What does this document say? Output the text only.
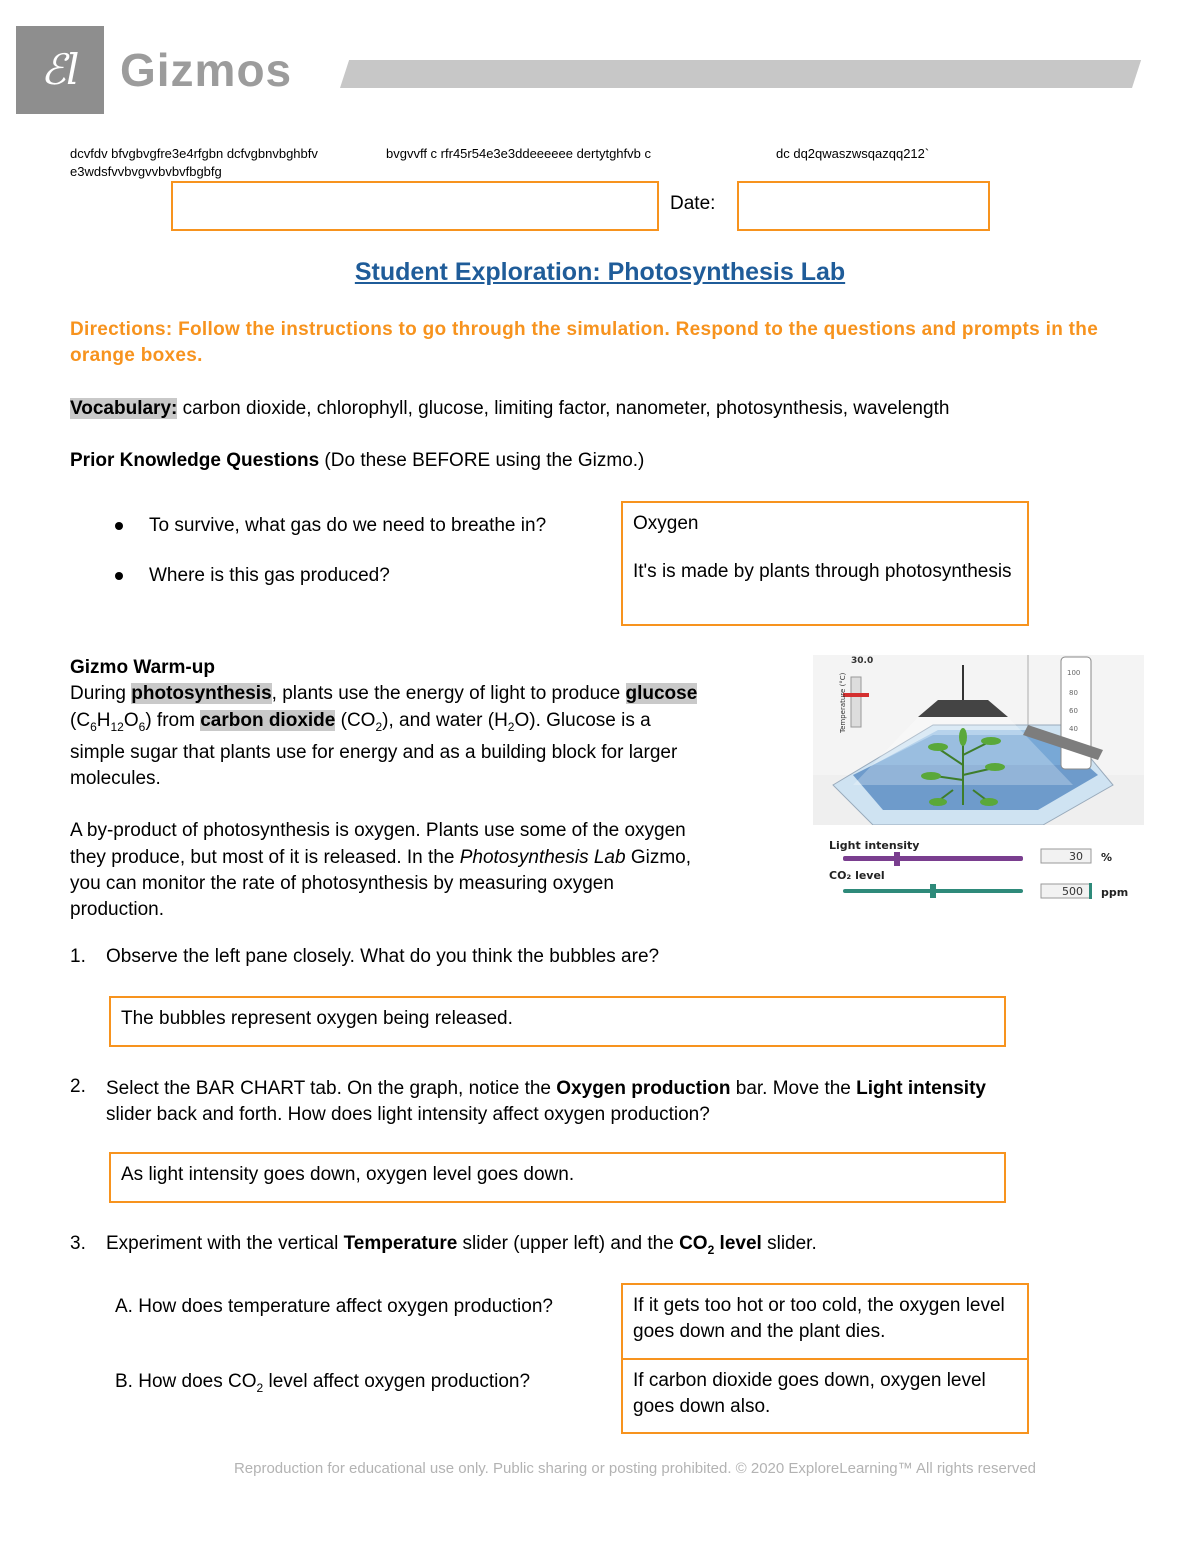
ℰl Gizmos
dcvfdv bfvgbvgfre3e4rfgbn dcfvgbnvbghbfv	bvgvvff c rfr45r54e3e3ddeeeeee dertytghfvb c	dc dq2qwaszwsqazqq212`
e3wdsfvvbvgvvbvbvfbgbfg
Date:
Student Exploration: Photosynthesis Lab
Directions: Follow the instructions to go through the simulation. Respond to the questions and prompts in the orange boxes.
Vocabulary: carbon dioxide, chlorophyll, glucose, limiting factor, nanometer, photosynthesis, wavelength
Prior Knowledge Questions (Do these BEFORE using the Gizmo.)
To survive, what gas do we need to breathe in?
Where is this gas produced?
Oxygen
It's is made by plants through photosynthesis

Gizmo Warm-up

During photosynthesis, plants use the energy of light to produce glucose

$(C_6H_{12}O_6)$ from carbon dioxide $(CO_2)$, and water $(H_2O)$. Glucose is a

simple sugar that plants use for energy and as a building block for larger

molecules.

A by-product of photosynthesis is oxygen. Plants use some of the oxygen

they produce, but most of it is released. In the Photosynthesis Lab Gizmo,

you can monitor the rate of photosynthesis by measuring oxygen

production.

100
80
60
40
30.0
Temperature (°C)
Light intensity
30 %
CO₂ level
500 ppm
1. Observe the left pane closely. What do you think the bubbles are?
The bubbles represent oxygen being released.
2. Select the BAR CHART tab. On the graph, notice the Oxygen production bar. Move the Light intensity
slider back and forth. How does light intensity affect oxygen production?
As light intensity goes down, oxygen level goes down.
3. Experiment with the vertical Temperature slider (upper left) and the $CO_2$ level slider.
A. How does temperature affect oxygen production?
B. How does $CO_2$ level affect oxygen production?
If it gets too hot or too cold, the oxygen level goes down and the plant dies.
If carbon dioxide goes down, oxygen level goes down also.
Reproduction for educational use only. Public sharing or posting prohibited. © 2020 ExploreLearning™ All rights reserved
